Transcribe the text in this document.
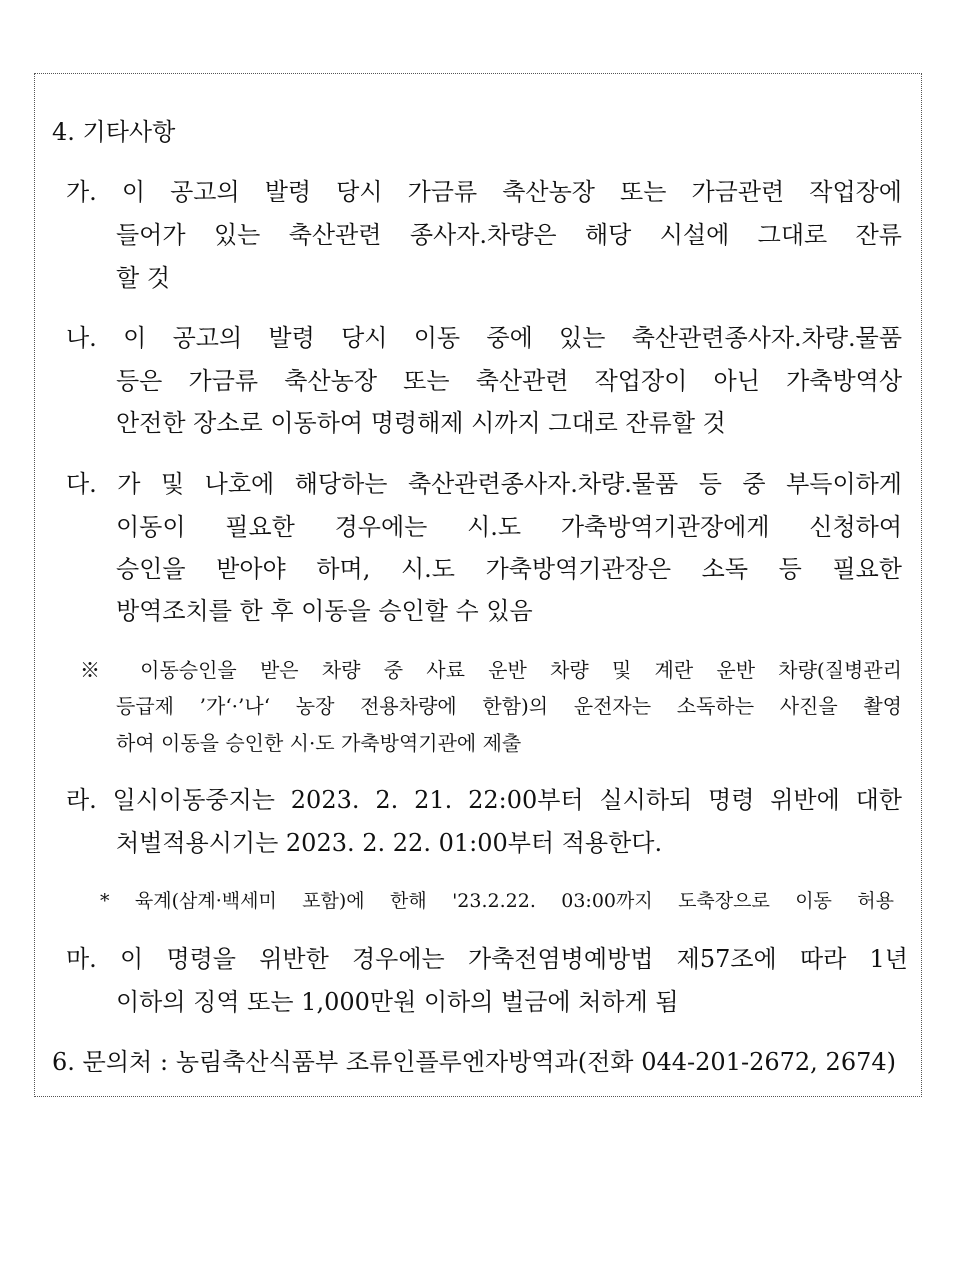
4. 기타사항
가. 이 공고의 발령 당시 가금류 축산농장 또는 가금관련 작업장에
들어가 있는 축산관련 종사자.차량은 해당 시설에 그대로 잔류
할 것
나. 이 공고의 발령 당시 이동 중에 있는 축산관련종사자.차량.물품
등은 가금류 축산농장 또는 축산관련 작업장이 아닌 가축방역상
안전한 장소로 이동하여 명령해제 시까지 그대로 잔류할 것
다. 가 및 나호에 해당하는 축산관련종사자.차량.물품 등 중 부득이하게
이동이 필요한 경우에는 시.도 가축방역기관장에게 신청하여
승인을 받아야 하며, 시.도 가축방역기관장은 소독 등 필요한
방역조치를 한 후 이동을 승인할 수 있음
※ 이동승인을 받은 차량 중 사료 운반 차량 및 계란 운반 차량(질병관리
등급제 ’가‘·’나‘ 농장 전용차량에 한함)의 운전자는 소독하는 사진을 촬영
하여 이동을 승인한 시·도 가축방역기관에 제출
라. 일시이동중지는 2023. 2. 21. 22:00부터 실시하되 명령 위반에 대한
처벌적용시기는 2023. 2. 22. 01:00부터 적용한다.
* 육계(삼계·백세미 포함)에 한해 '23.2.22. 03:00까지 도축장으로 이동 허용
마. 이 명령을 위반한 경우에는 가축전염병예방법 제57조에 따라 1년
이하의 징역 또는 1,000만원 이하의 벌금에 처하게 됨
6. 문의처 : 농림축산식품부 조류인플루엔자방역과(전화 044-201-2672, 2674)
